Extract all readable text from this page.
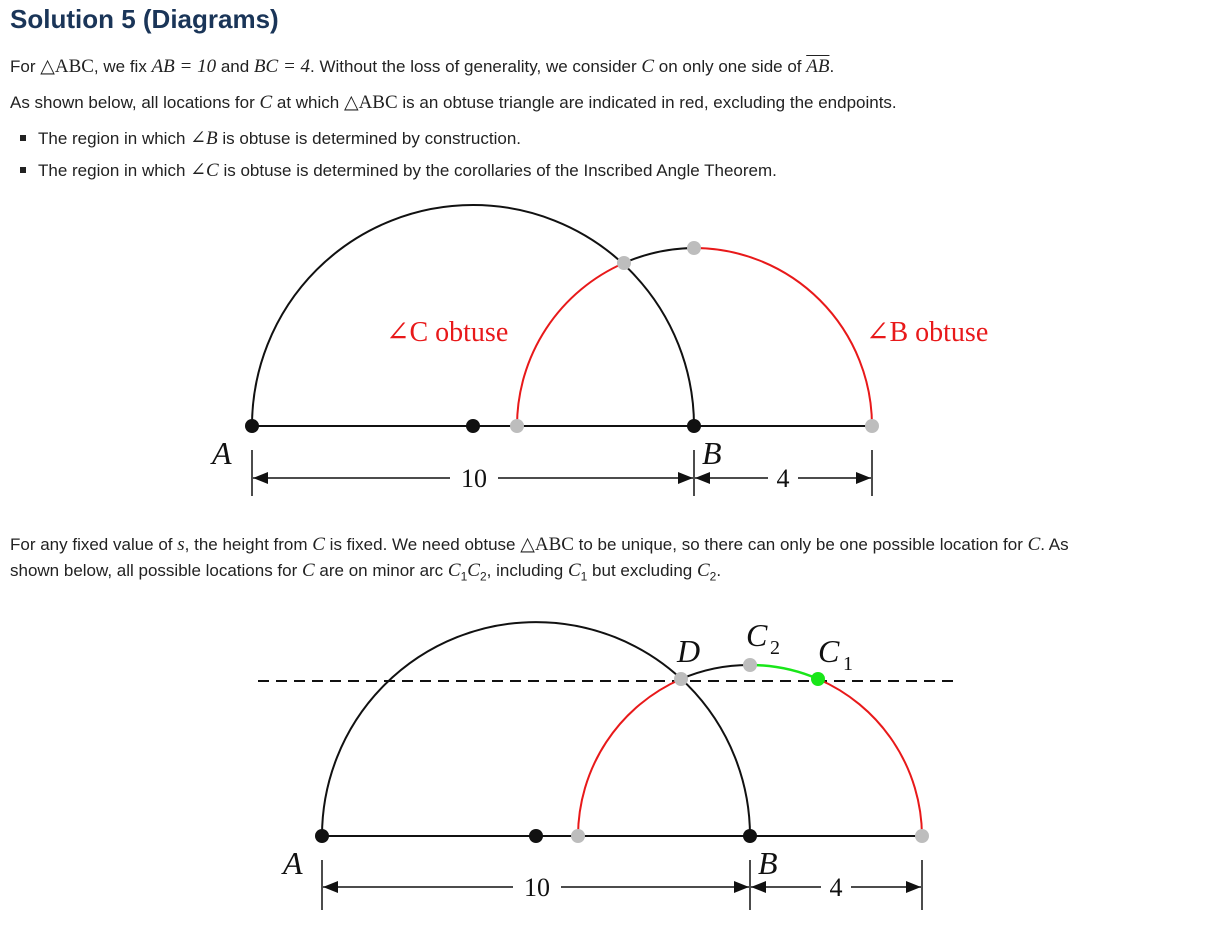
Solution 5 (Diagrams)

For △ABC, we fix AB = 10 and BC = 4. Without the loss of generality, we consider C on only one side of $\overline{AB}$.

As shown below, all locations for C at which △ABC is an obtuse triangle are indicated in red, excluding the endpoints.

The region in which ∠B is obtuse is determined by construction.
The region in which ∠C is obtuse is determined by the corollaries of the Inscribed Angle Theorem.
∠C obtuse	∠B obtuse
A	B
10	4

For any fixed value of s, the height from C is fixed. We need obtuse △ABC to be unique, so there can only be one possible location for C. As

shown below, all possible locations for C are on minor arc $C_1C_2$, including $C_1$ but excluding $C_2$.

D C 2 C 1
A	B
10	4
